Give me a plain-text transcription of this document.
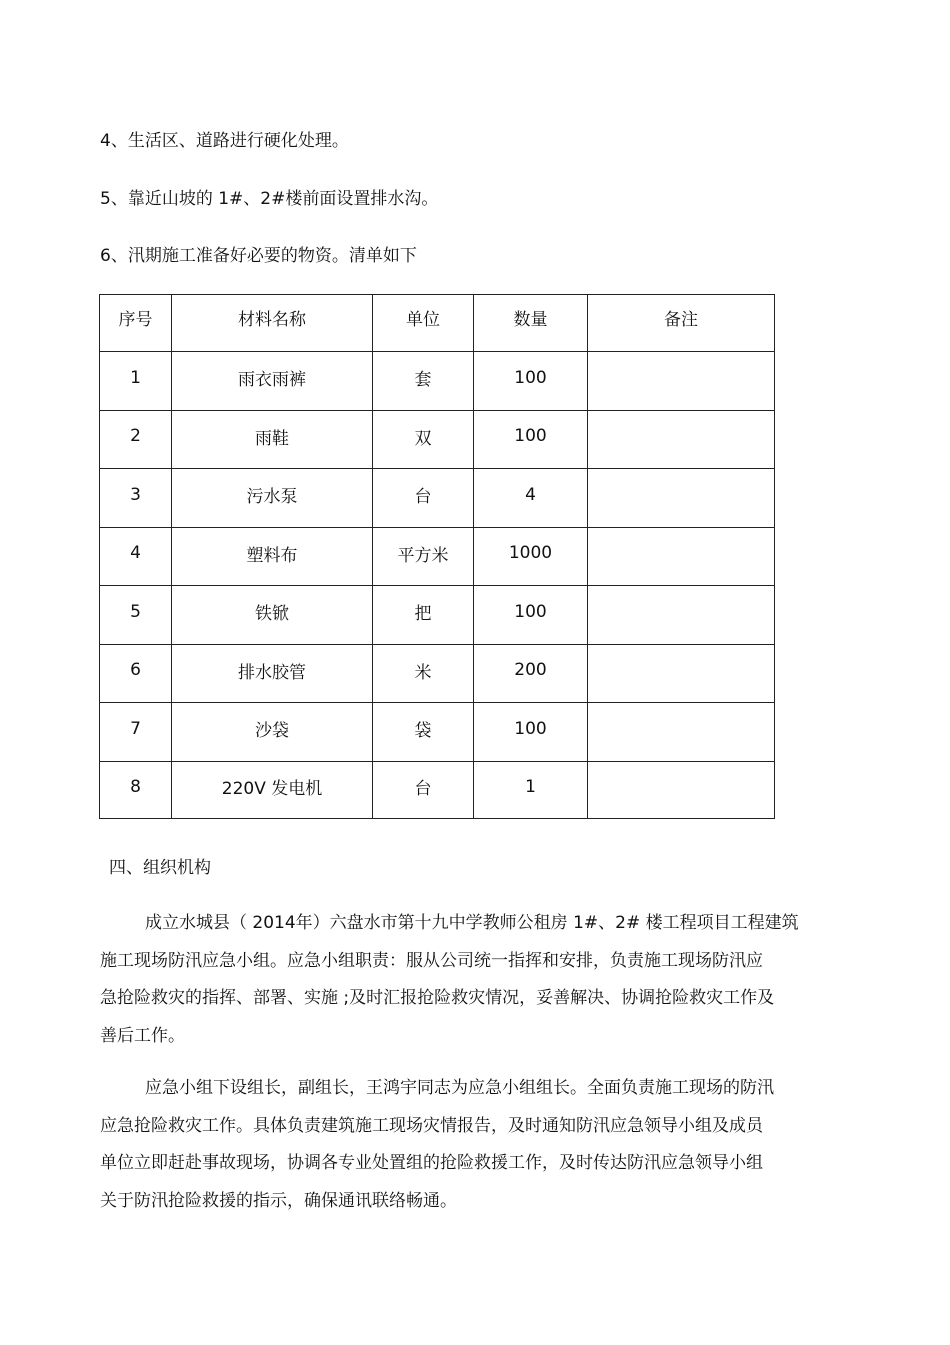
4、生活区、道路进行硬化处理。
5、靠近山坡的 1#、2#楼前面设置排水沟。
6、汛期施工准备好必要的物资。清单如下
序号	材料名称	单位	数量	备注
1	雨衣雨裤	套	100	
2	雨鞋	双	100	
3	污水泵	台	4	
4	塑料布	平方米	1000	
5	铁锨	把	100	
6	排水胶管	米	200	
7	沙袋	袋	100	
8	220V 发电机	台	1	
四、组织机构
成立水城县（ 2014年）六盘水市第十九中学教师公租房 1#、2# 楼工程项目工程建筑
施工现场防汛应急小组。应急小组职责：服从公司统一指挥和安排，负责施工现场防汛应
急抢险救灾的指挥、部署、实施 ;及时汇报抢险救灾情况，妥善解决、协调抢险救灾工作及
善后工作。
应急小组下设组长，副组长，王鸿宇同志为应急小组组长。全面负责施工现场的防汛
应急抢险救灾工作。具体负责建筑施工现场灾情报告，及时通知防汛应急领导小组及成员
单位立即赶赴事故现场，协调各专业处置组的抢险救援工作，及时传达防汛应急领导小组
关于防汛抢险救援的指示，确保通讯联络畅通。
